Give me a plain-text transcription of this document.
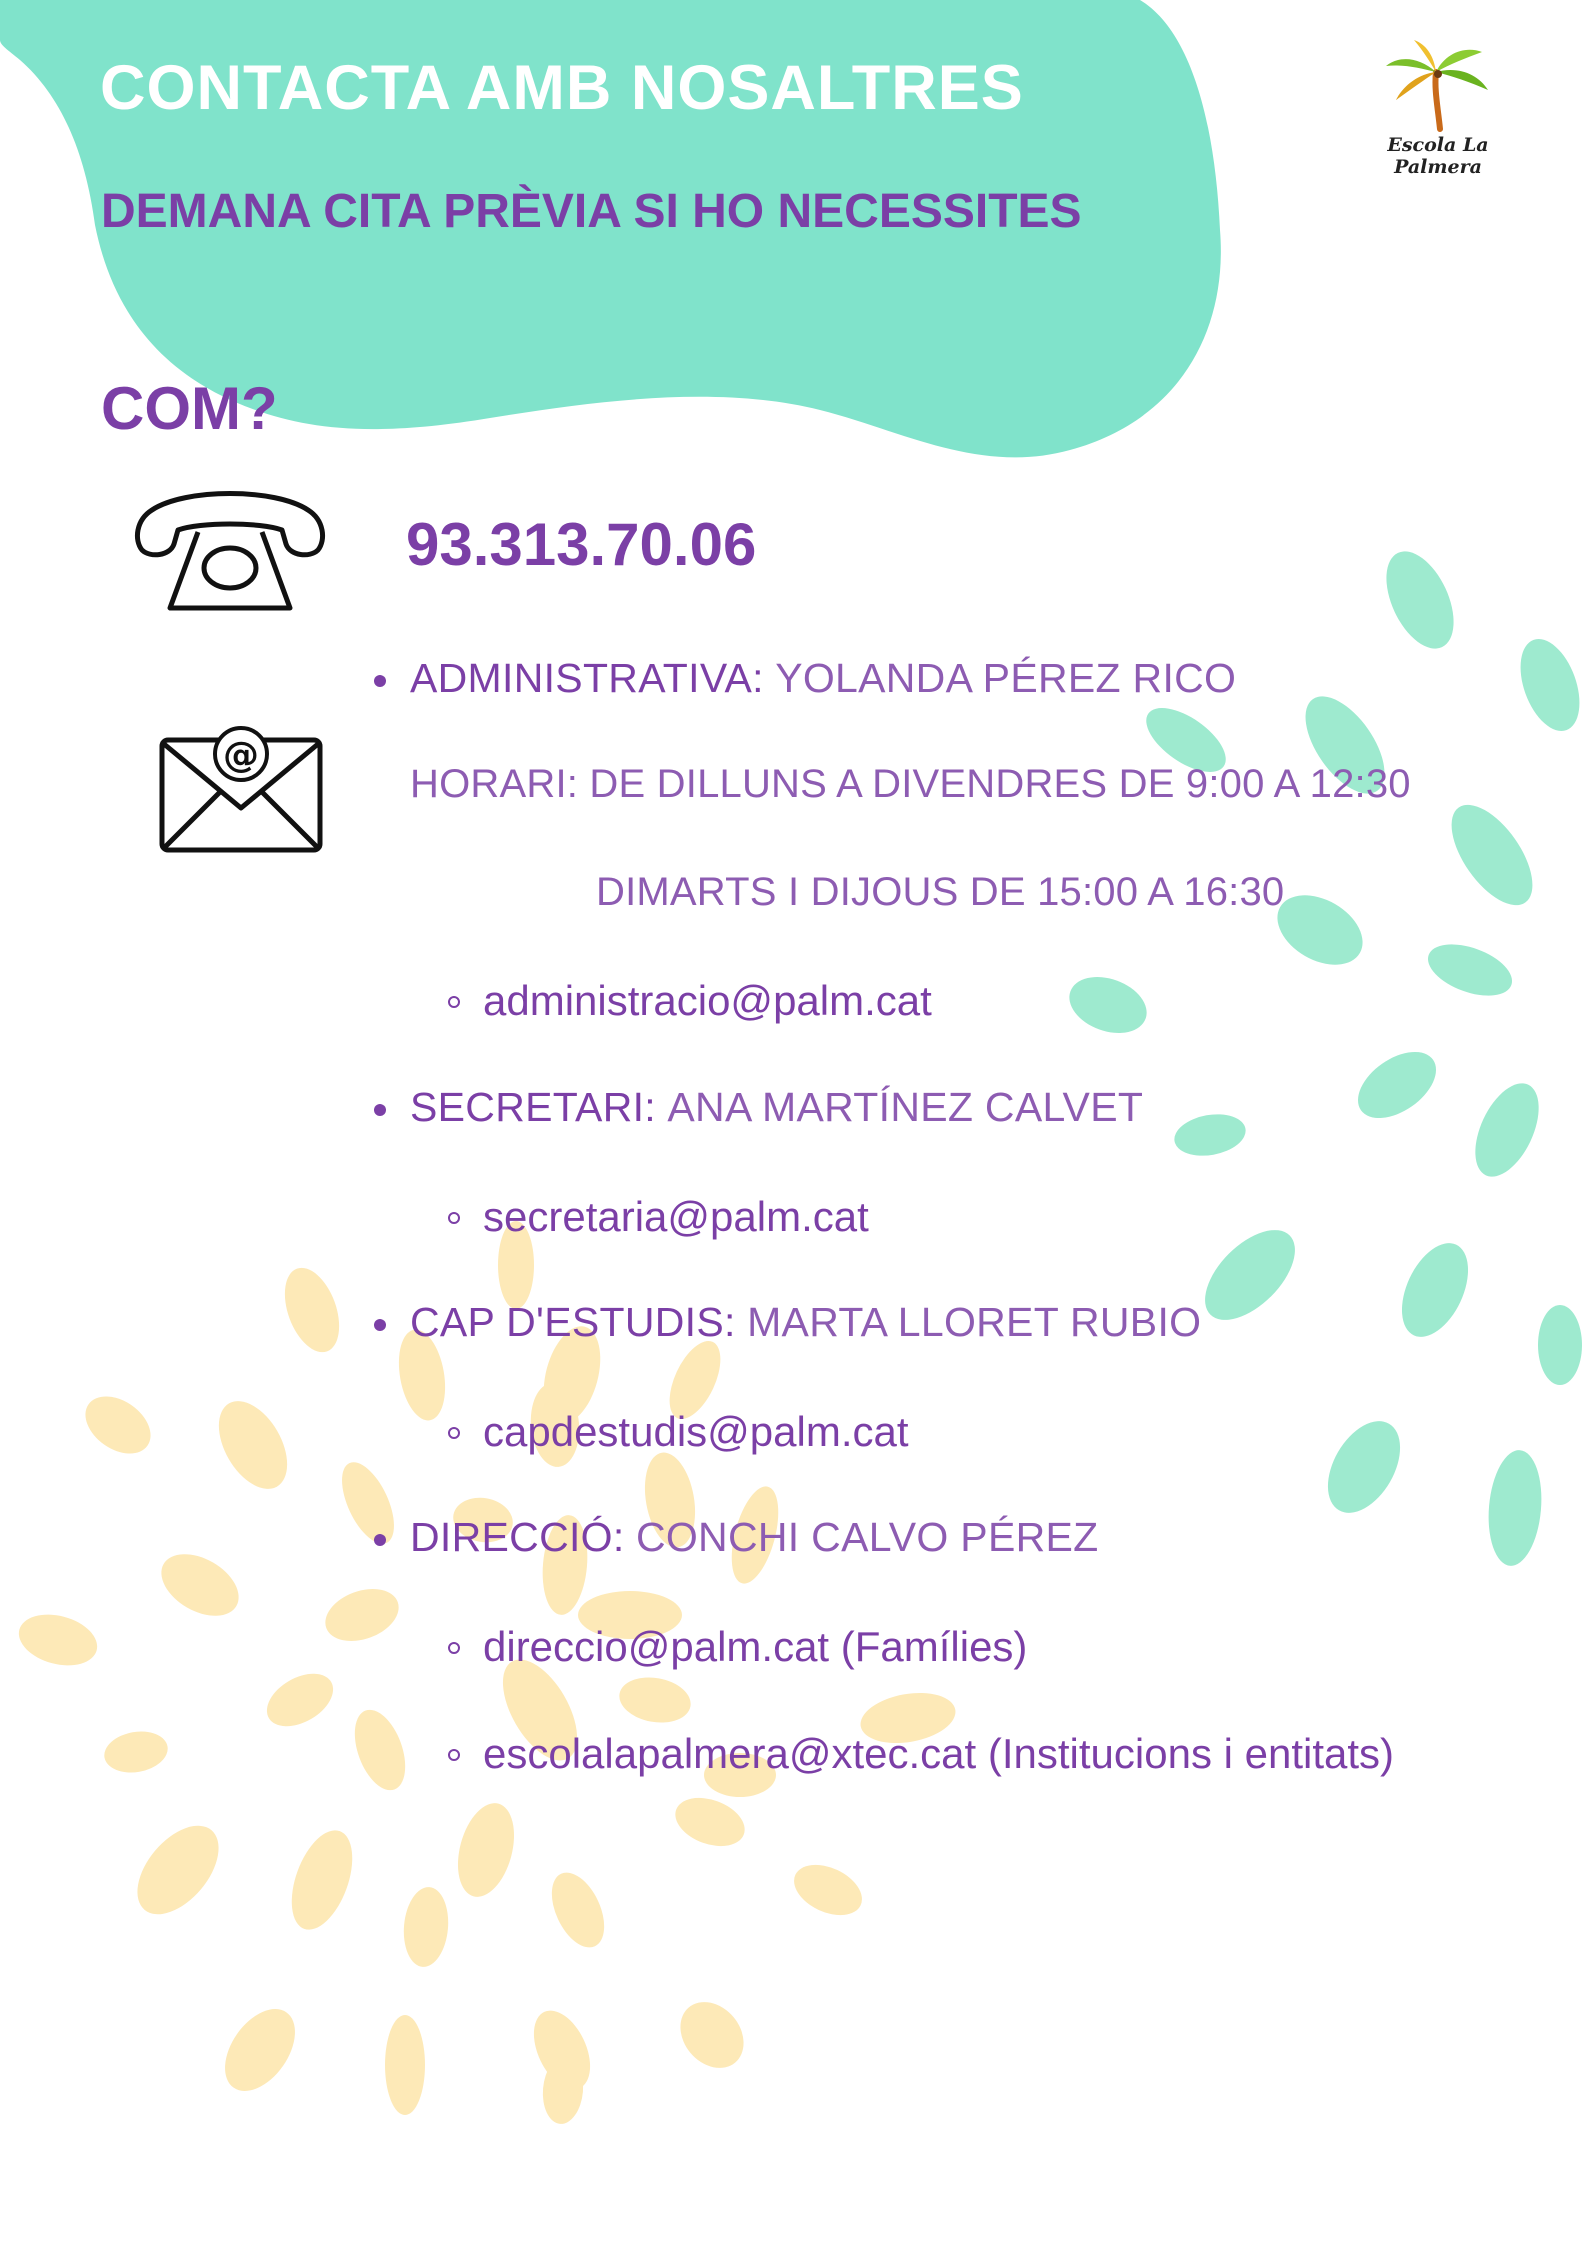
CONTACTA AMB NOSALTRES
DEMANA CITA PRÈVIA SI HO NECESSITES
Escola La Palmera
COM?
93.313.70.06
@
ADMINISTRATIVA: YOLANDA PÉREZ RICO
HORARI: DE DILLUNS A DIVENDRES DE 9:00 A 12:30
DIMARTS I DIJOUS DE 15:00 A 16:30
administracio@palm.cat
SECRETARI: ANA MARTÍNEZ CALVET
secretaria@palm.cat
CAP D'ESTUDIS: MARTA LLORET RUBIO
capdestudis@palm.cat
DIRECCIÓ: CONCHI CALVO PÉREZ
direccio@palm.cat (Famílies)
escolalapalmera@xtec.cat (Institucions i entitats)
